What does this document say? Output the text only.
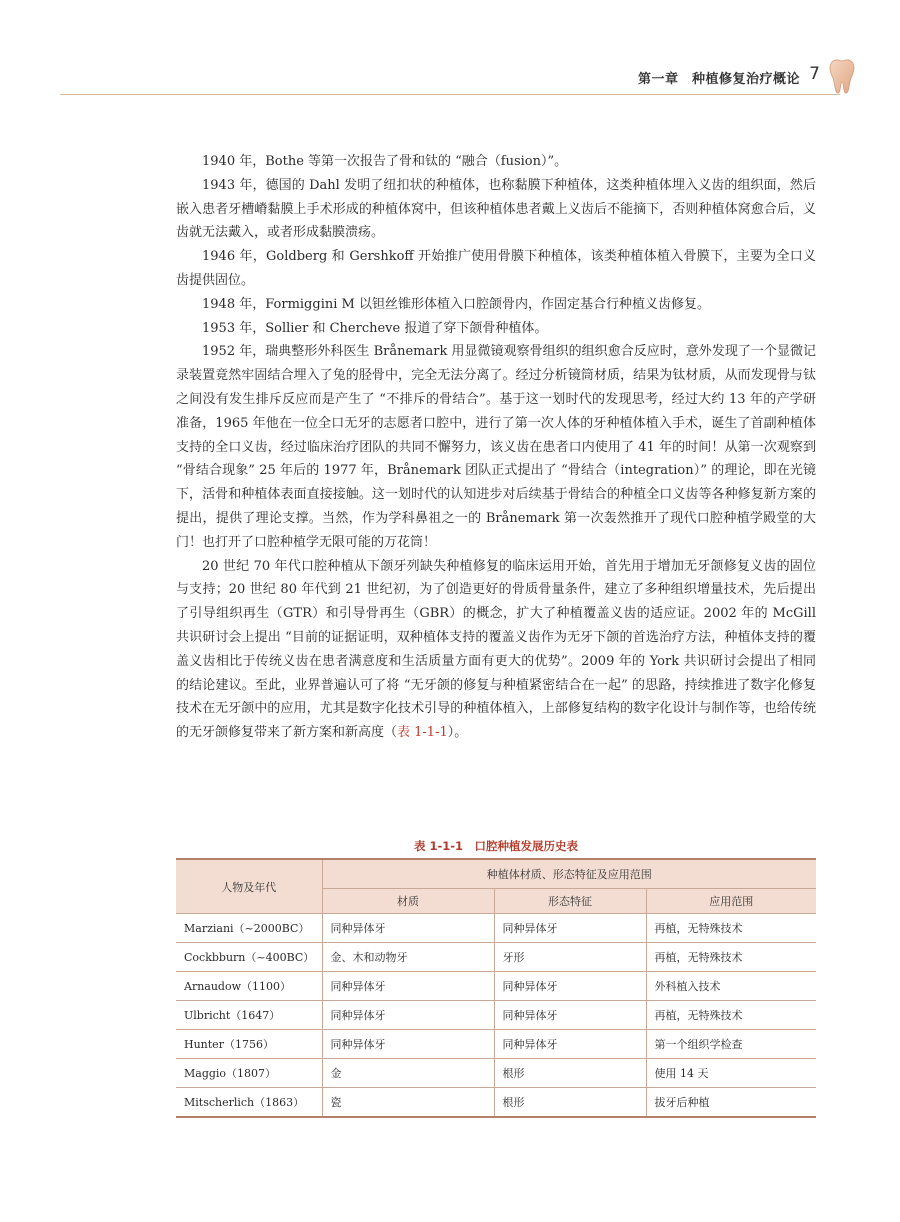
第一章　 种植修复治疗概论 7

1940 年，Bothe 等第一次报告了骨和钛的 “融合（fusion）”。

1943 年，德国的 Dahl 发明了纽扣状的种植体，也称黏膜下种植体，这类种植体埋入义齿的组织面，然后嵌入患者牙槽嵴黏膜上手术形成的种植体窝中，但该种植体患者戴上义齿后不能摘下，否则种植体窝愈合后，义齿就无法戴入，或者形成黏膜溃疡。

1946 年，Goldberg 和 Gershkoff 开始推广使用骨膜下种植体，该类种植体植入骨膜下，主要为全口义齿提供固位。

1948 年，Formiggini M 以钽丝锥形体植入口腔颌骨内，作固定基合行种植义齿修复。

1953 年，Sollier 和 Chercheve 报道了穿下颌骨种植体。

1952 年，瑞典整形外科医生 Brånemark 用显微镜观察骨组织的组织愈合反应时，意外发现了一个显微记录装置竟然牢固结合埋入了兔的胫骨中，完全无法分离了。经过分析镜筒材质，结果为钛材质，从而发现骨与钛之间没有发生排斥反应而是产生了 “不排斥的骨结合”。基于这一划时代的发现思考，经过大约 13 年的产学研准备，1965 年他在一位全口无牙的志愿者口腔中，进行了第一次人体的牙种植体植入手术，诞生了首副种植体支持的全口义齿，经过临床治疗团队的共同不懈努力，该义齿在患者口内使用了 41 年的时间！从第一次观察到 “骨结合现象” 25 年后的 1977 年，Brånemark 团队正式提出了 “骨结合（integration）” 的理论，即在光镜下，活骨和种植体表面直接接触。这一划时代的认知进步对后续基于骨结合的种植全口义齿等各种修复新方案的提出，提供了理论支撑。当然，作为学科鼻祖之一的 Brånemark 第一次轰然推开了现代口腔种植学殿堂的大门！也打开了口腔种植学无限可能的万花筒！

20 世纪 70 年代口腔种植从下颌牙列缺失种植修复的临床运用开始，首先用于增加无牙颌修复义齿的固位与支持；20 世纪 80 年代到 21 世纪初，为了创造更好的骨质骨量条件，建立了多种组织增量技术，先后提出了引导组织再生（GTR）和引导骨再生（GBR）的概念，扩大了种植覆盖义齿的适应证。2002 年的 McGill 共识研讨会上提出 “目前的证据证明，双种植体支持的覆盖义齿作为无牙下颌的首选治疗方法，种植体支持的覆盖义齿相比于传统义齿在患者满意度和生活质量方面有更大的优势”。2009 年的 York 共识研讨会提出了相同的结论建议。至此，业界普遍认可了将 “无牙颌的修复与种植紧密结合在一起” 的思路，持续推进了数字化修复技术在无牙颌中的应用，尤其是数字化技术引导的种植体植入，上部修复结构的数字化设计与制作等，也给传统的无牙颌修复带来了新方案和新高度（表 1-1-1）。

表 1-1-1　口腔种植发展历史表
人物及年代	种植体材质、形态特征及应用范围		
	材质	形态特征	应用范围
Marziani（~2000BC）	同种异体牙	同种异体牙	再植，无特殊技术
Cockbburn（~400BC）	金、木和动物牙	牙形	再植，无特殊技术
Arnaudow（1100）	同种异体牙	同种异体牙	外科植入技术
Ulbricht（1647）	同种异体牙	同种异体牙	再植，无特殊技术
Hunter（1756）	同种异体牙	同种异体牙	第一个组织学检查
Maggio（1807）	金	根形	使用 14 天
Mitscherlich（1863）	瓷	根形	拔牙后种植
